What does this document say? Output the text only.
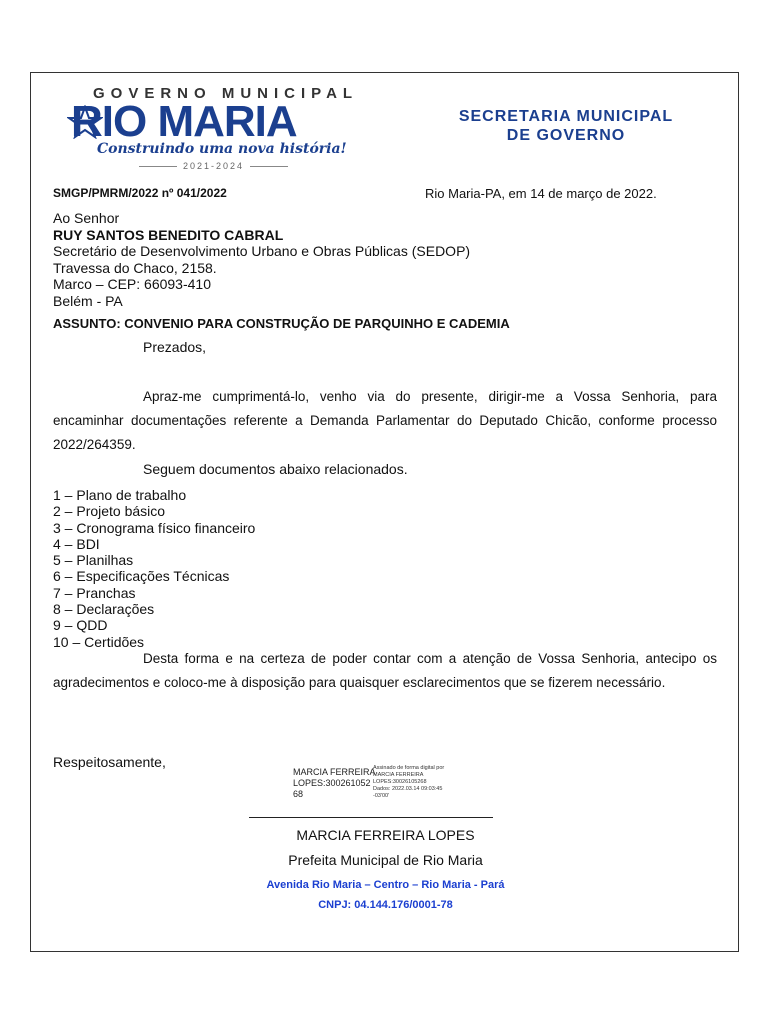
GOVERNO MUNICIPAL
RIO MARIA
Construindo uma nova história!
2021-2024
SECRETARIA MUNICIPAL
DE GOVERNO
SMGP/PMRM/2022 nº 041/2022	Rio Maria-PA, em 14 de março de 2022.
Ao Senhor
RUY SANTOS BENEDITO CABRAL
Secretário de Desenvolvimento Urbano e Obras Públicas (SEDOP)
Travessa do Chaco, 2158.
Marco – CEP: 66093-410
Belém - PA
ASSUNTO: CONVENIO PARA CONSTRUÇÃO DE PARQUINHO E CADEMIA
Prezados,
Apraz-me cumprimentá-lo, venho via do presente, dirigir-me a Vossa Senhoria, para encaminhar documentações referente a Demanda Parlamentar do Deputado Chicão, conforme processo 2022/264359.
Seguem documentos abaixo relacionados.
1 – Plano de trabalho
2 – Projeto básico
3 – Cronograma físico financeiro
4 – BDI
5 – Planilhas
6 – Especificações Técnicas
7 – Pranchas
8 – Declarações
9 – QDD
10 – Certidões
Desta forma e na certeza de poder contar com a atenção de Vossa Senhoria, antecipo os agradecimentos e coloco-me à disposição para quaisquer esclarecimentos que se fizerem necessário.
Respeitosamente,
MARCIA FERREIRA
LOPES:300261052
68
Assinado de forma digital por
MARCIA FERREIRA
LOPES:30026105268
Dados: 2022.03.14 09:03:45
-03'00'
MARCIA FERREIRA LOPES
Prefeita Municipal de Rio Maria
Avenida Rio Maria – Centro – Rio Maria - Pará
CNPJ: 04.144.176/0001-78
